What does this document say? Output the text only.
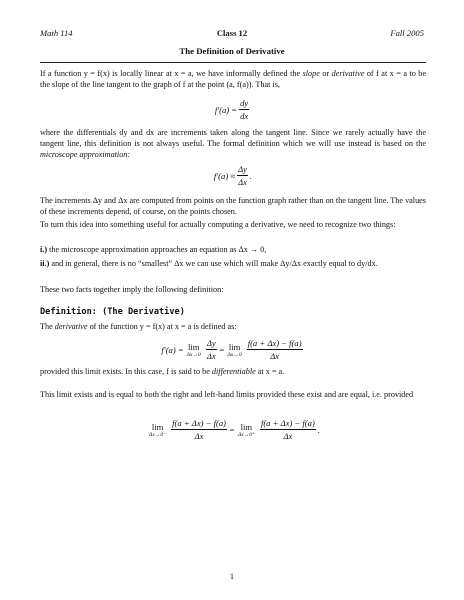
Math 114	Class 12	Fall 2005
The Definition of Derivative
If a function y = f(x) is locally linear at x = a, we have informally defined the slope or derivative of f at x = a to be the slope of the line tangent to the graph of f at the point (a, f(a)). That is,
$f'(a) = \frac{dy}{dx}$
where the differentials dy and dx are increments taken along the tangent line. Since we rarely actually have the tangent line, this definition is not always useful. The formal definition which we will use instead is based on the microscope approximation:
$f'(a) \approx \frac{\Delta y}{\Delta x}$ .
The increments Δy and Δx are computed from points on the function graph rather than on the tangent line. The values of these increments depend, of course, on the points chosen.
To turn this idea into something useful for actually computing a derivative, we need to recognize two things:
i.) the microscope approximation approaches an equation as Δx → 0,
ii.) and in general, there is no “smallest” Δx we can use which will make Δy/Δx exactly equal to dy/dx.
These two facts together imply the following definition:
Definition: (The Derivative)
The derivative of the function y = f(x) at x = a is defined as:
f′(a) = lim
$\Delta x\to 0 \frac{\Delta y}{\Delta x} = \lim$
$\Delta x\to 0 \frac{f(a + \Delta x) - f(a)}{\Delta x}$
provided this limit exists. In this case, f is said to be differentiable at x = a.
This limit exists and is equal to both the right and left-hand limits provided these exist and are equal, i.e. provided
lim
$\Delta x\to 0^- \frac{f(a + \Delta x) - f(a)}{\Delta x} = \lim$
$\Delta x\to 0^+ \frac{f(a + \Delta x) - f(a)}{\Delta x}$ .
1
